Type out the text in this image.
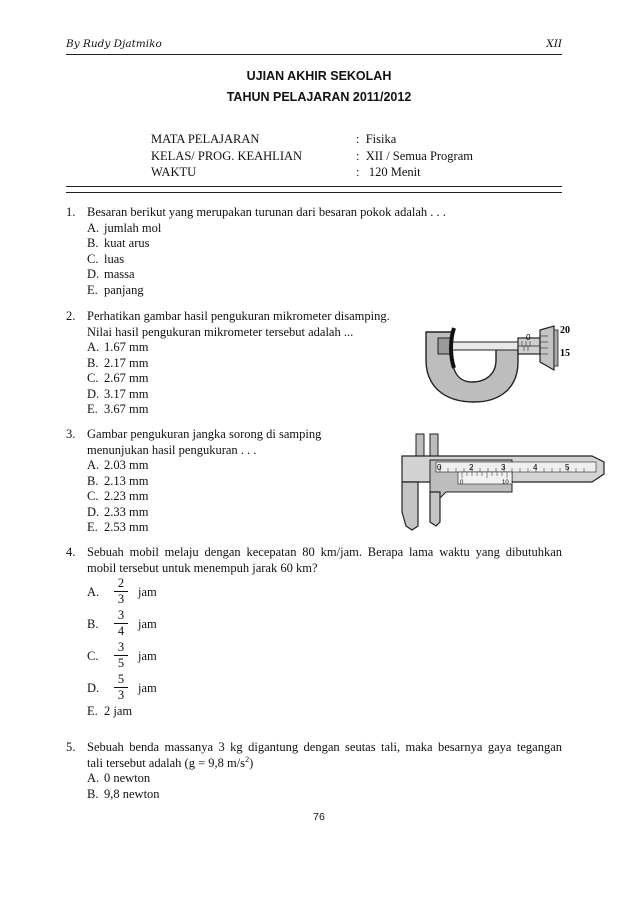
By Rudy Djatmiko	XII
UJIAN AKHIR SEKOLAH
TAHUN PELAJARAN 2011/2012
MATA PELAJARAN	:  Fisika
KELAS/ PROG. KEAHLIAN	:  XII / Semua Program
WAKTU	:   120 Menit
1. Besaran berikut yang merupakan turunan dari besaran pokok adalah . . .
A. jumlah mol
B. kuat arus
C. luas
D. massa
E. panjang
2. Perhatikan gambar hasil pengukuran mikrometer disamping.
Nilai hasil pengukuran mikrometer tersebut adalah ...
A. 1.67 mm
B. 2.17 mm
C. 2.67 mm
D. 3.17 mm
E. 3.67 mm
0
20
15
3. Gambar pengukuran jangka sorong di samping
menunjukan hasil pengukuran . . .
A. 2.03 mm
B. 2.13 mm
C. 2.23 mm
D. 2.33 mm
E. 2.53 mm
0	2	3	4	5
0	10
4. Sebuah mobil melaju dengan kecepatan 80 km/jam. Berapa lama waktu yang dibutuhkan
mobil tersebut untuk menempuh jarak 60 km?
A. $\frac{2}{3}$ jam
B. $\frac{3}{4}$ jam
C. $\frac{3}{5}$ jam
D. $\frac{5}{3}$ jam
E. 2 jam
5. Sebuah benda massanya 3 kg digantung dengan seutas tali, maka besarnya gaya tegangan
tali tersebut adalah (g = 9,8 $m/s^2$)
A. 0 newton
B. 9,8 newton
76
